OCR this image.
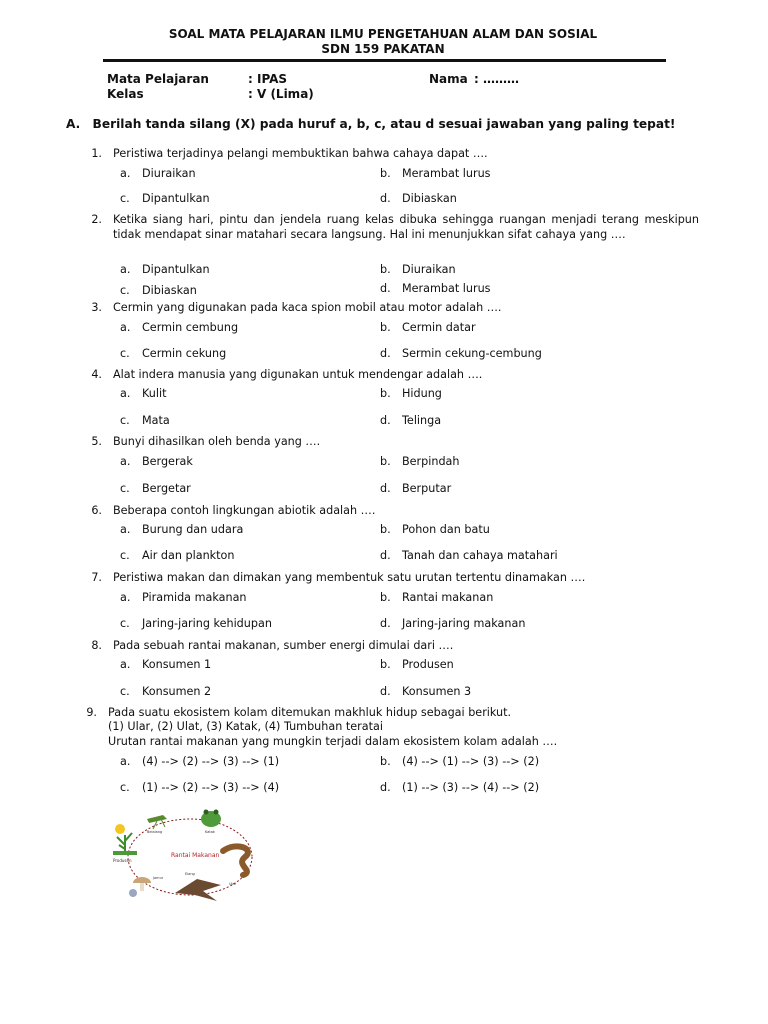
SOAL MATA PELAJARAN ILMU PENGETAHUAN ALAM DAN SOSIAL
SDN 159 PAKATAN
Mata Pelajaran	: IPAS
Kelas	: V (Lima)
Nama : ………
A. Berilah tanda silang (X) pada huruf a, b, c, atau d sesuai jawaban yang paling tepat!
1. Peristiwa terjadinya pelangi membuktikan bahwa cahaya dapat ….
a. Diuraikan	b. Merambat lurus
c. Dipantulkan	d. Dibiaskan
2. Ketika siang hari, pintu dan jendela ruang kelas dibuka sehingga ruangan menjadi terang meskipun tidak mendapat sinar matahari secara langsung. Hal ini menunjukkan sifat cahaya yang ….
a. Dipantulkan	b. Diuraikan
c. Dibiaskan	d. Merambat lurus
3. Cermin yang digunakan pada kaca spion mobil atau motor adalah ….
a. Cermin cembung	b. Cermin datar
c. Cermin cekung	d. Sermin cekung-cembung
4. Alat indera manusia yang digunakan untuk mendengar adalah ….
a. Kulit	b. Hidung
c. Mata	d. Telinga
5. Bunyi dihasilkan oleh benda yang ….
a. Bergerak	b. Berpindah
c. Bergetar	d. Berputar
6. Beberapa contoh lingkungan abiotik adalah ….
a. Burung dan udara	b. Pohon dan batu
c. Air dan plankton	d. Tanah dan cahaya matahari
7. Peristiwa makan dan dimakan yang membentuk satu urutan tertentu dinamakan ….
a. Piramida makanan	b. Rantai makanan
c. Jaring-jaring kehidupan	d. Jaring-jaring makanan
8. Pada sebuah rantai makanan, sumber energi dimulai dari ….
a. Konsumen 1	b. Produsen
c. Konsumen 2	d. Konsumen 3
9. Pada suatu ekosistem kolam ditemukan makhluk hidup sebagai berikut.
(1) Ular, (2) Ulat, (3) Katak, (4) Tumbuhan teratai
Urutan rantai makanan yang mungkin terjadi dalam ekosistem kolam adalah ….
a. (4) --> (2) --> (3) --> (1)	b. (4) --> (1) --> (3) --> (2)
c. (1) --> (2) --> (3) --> (4)	d. (1) --> (3) --> (4) --> (2)
Rantai Makanan
Produsen
Belalang	Katak
Ular
Elang
Jamur
